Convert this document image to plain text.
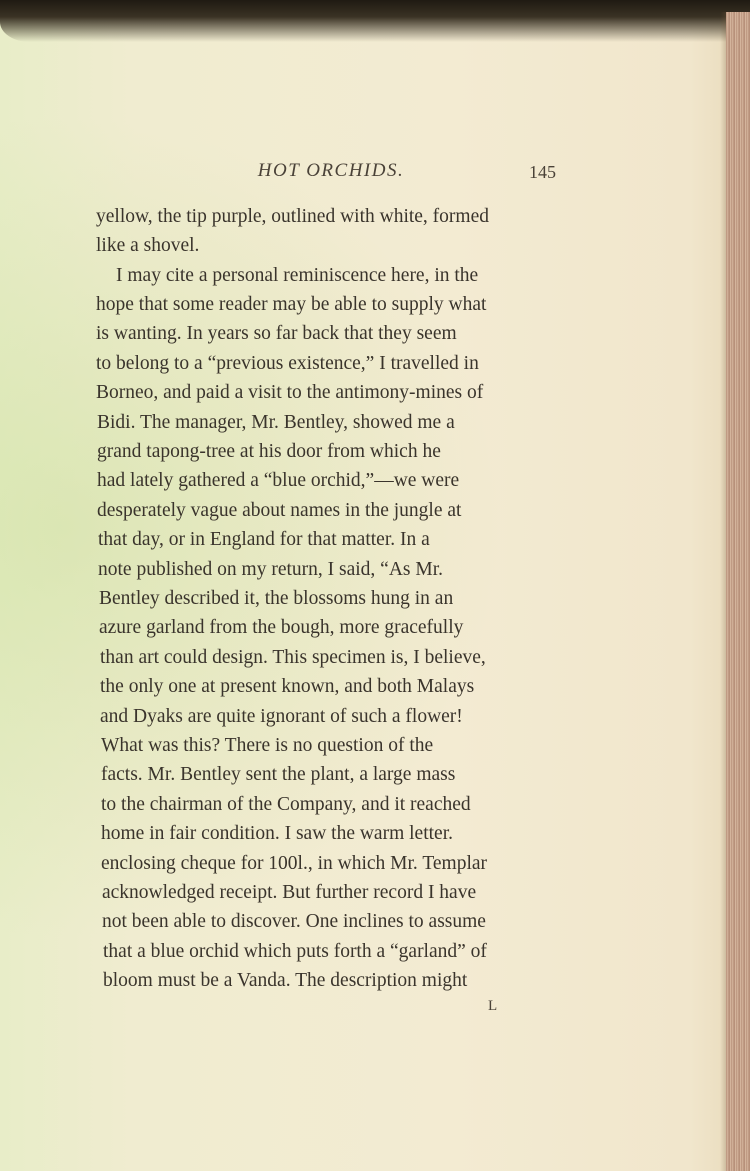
HOT ORCHIDS.	145
yellow, the tip purple, outlined with white, formed
like a shovel.
I may cite a personal reminiscence here, in the
hope that some reader may be able to supply what
is wanting. In years so far back that they seem
to belong to a “previous existence,” I travelled in
Borneo, and paid a visit to the antimony-mines of
Bidi. The manager, Mr. Bentley, showed me a
grand tapong-tree at his door from which he
had lately gathered a “blue orchid,”—we were
desperately vague about names in the jungle at
that day, or in England for that matter. In a
note published on my return, I said, “As Mr.
Bentley described it, the blossoms hung in an
azure garland from the bough, more gracefully
than art could design. This specimen is, I believe,
the only one at present known, and both Malays
and Dyaks are quite ignorant of such a flower!
What was this? There is no question of the
facts. Mr. Bentley sent the plant, a large mass
to the chairman of the Company, and it reached
home in fair condition. I saw the warm letter.
enclosing cheque for 100l., in which Mr. Templar
acknowledged receipt. But further record I have
not been able to discover. One inclines to assume
that a blue orchid which puts forth a “garland” of
bloom must be a Vanda. The description might
L
